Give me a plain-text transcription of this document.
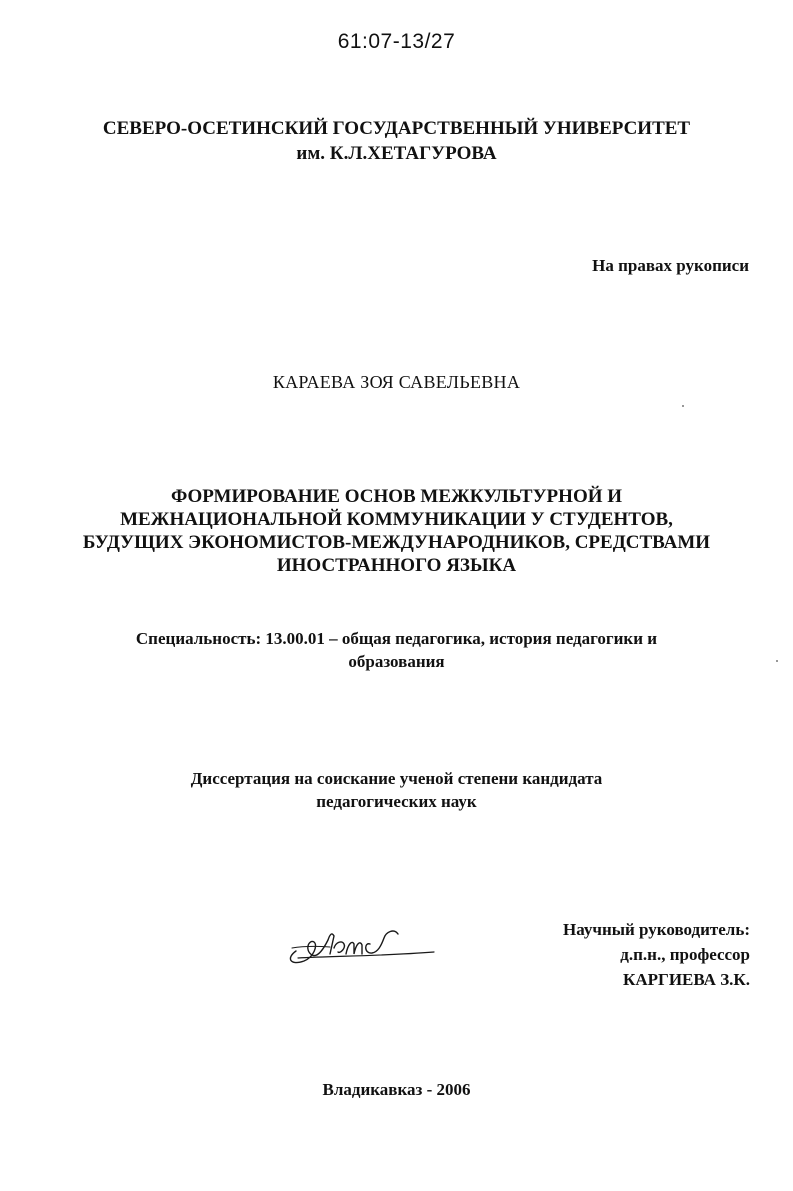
61:07-13/27
СЕВЕРО-ОСЕТИНСКИЙ ГОСУДАРСТВЕННЫЙ УНИВЕРСИТЕТ
им. К.Л.ХЕТАГУРОВА
На правах рукописи
КАРАЕВА ЗОЯ САВЕЛЬЕВНА
ФОРМИРОВАНИЕ ОСНОВ МЕЖКУЛЬТУРНОЙ И
МЕЖНАЦИОНАЛЬНОЙ КОММУНИКАЦИИ У СТУДЕНТОВ,
БУДУЩИХ ЭКОНОМИСТОВ-МЕЖДУНАРОДНИКОВ, СРЕДСТВАМИ
ИНОСТРАННОГО ЯЗЫКА
Специальность: 13.00.01 – общая педагогика, история педагогики и
образования
Диссертация на соискание ученой степени кандидата
педагогических наук
Научный руководитель:
д.п.н., профессор
КАРГИЕВА З.К.
Владикавказ - 2006
